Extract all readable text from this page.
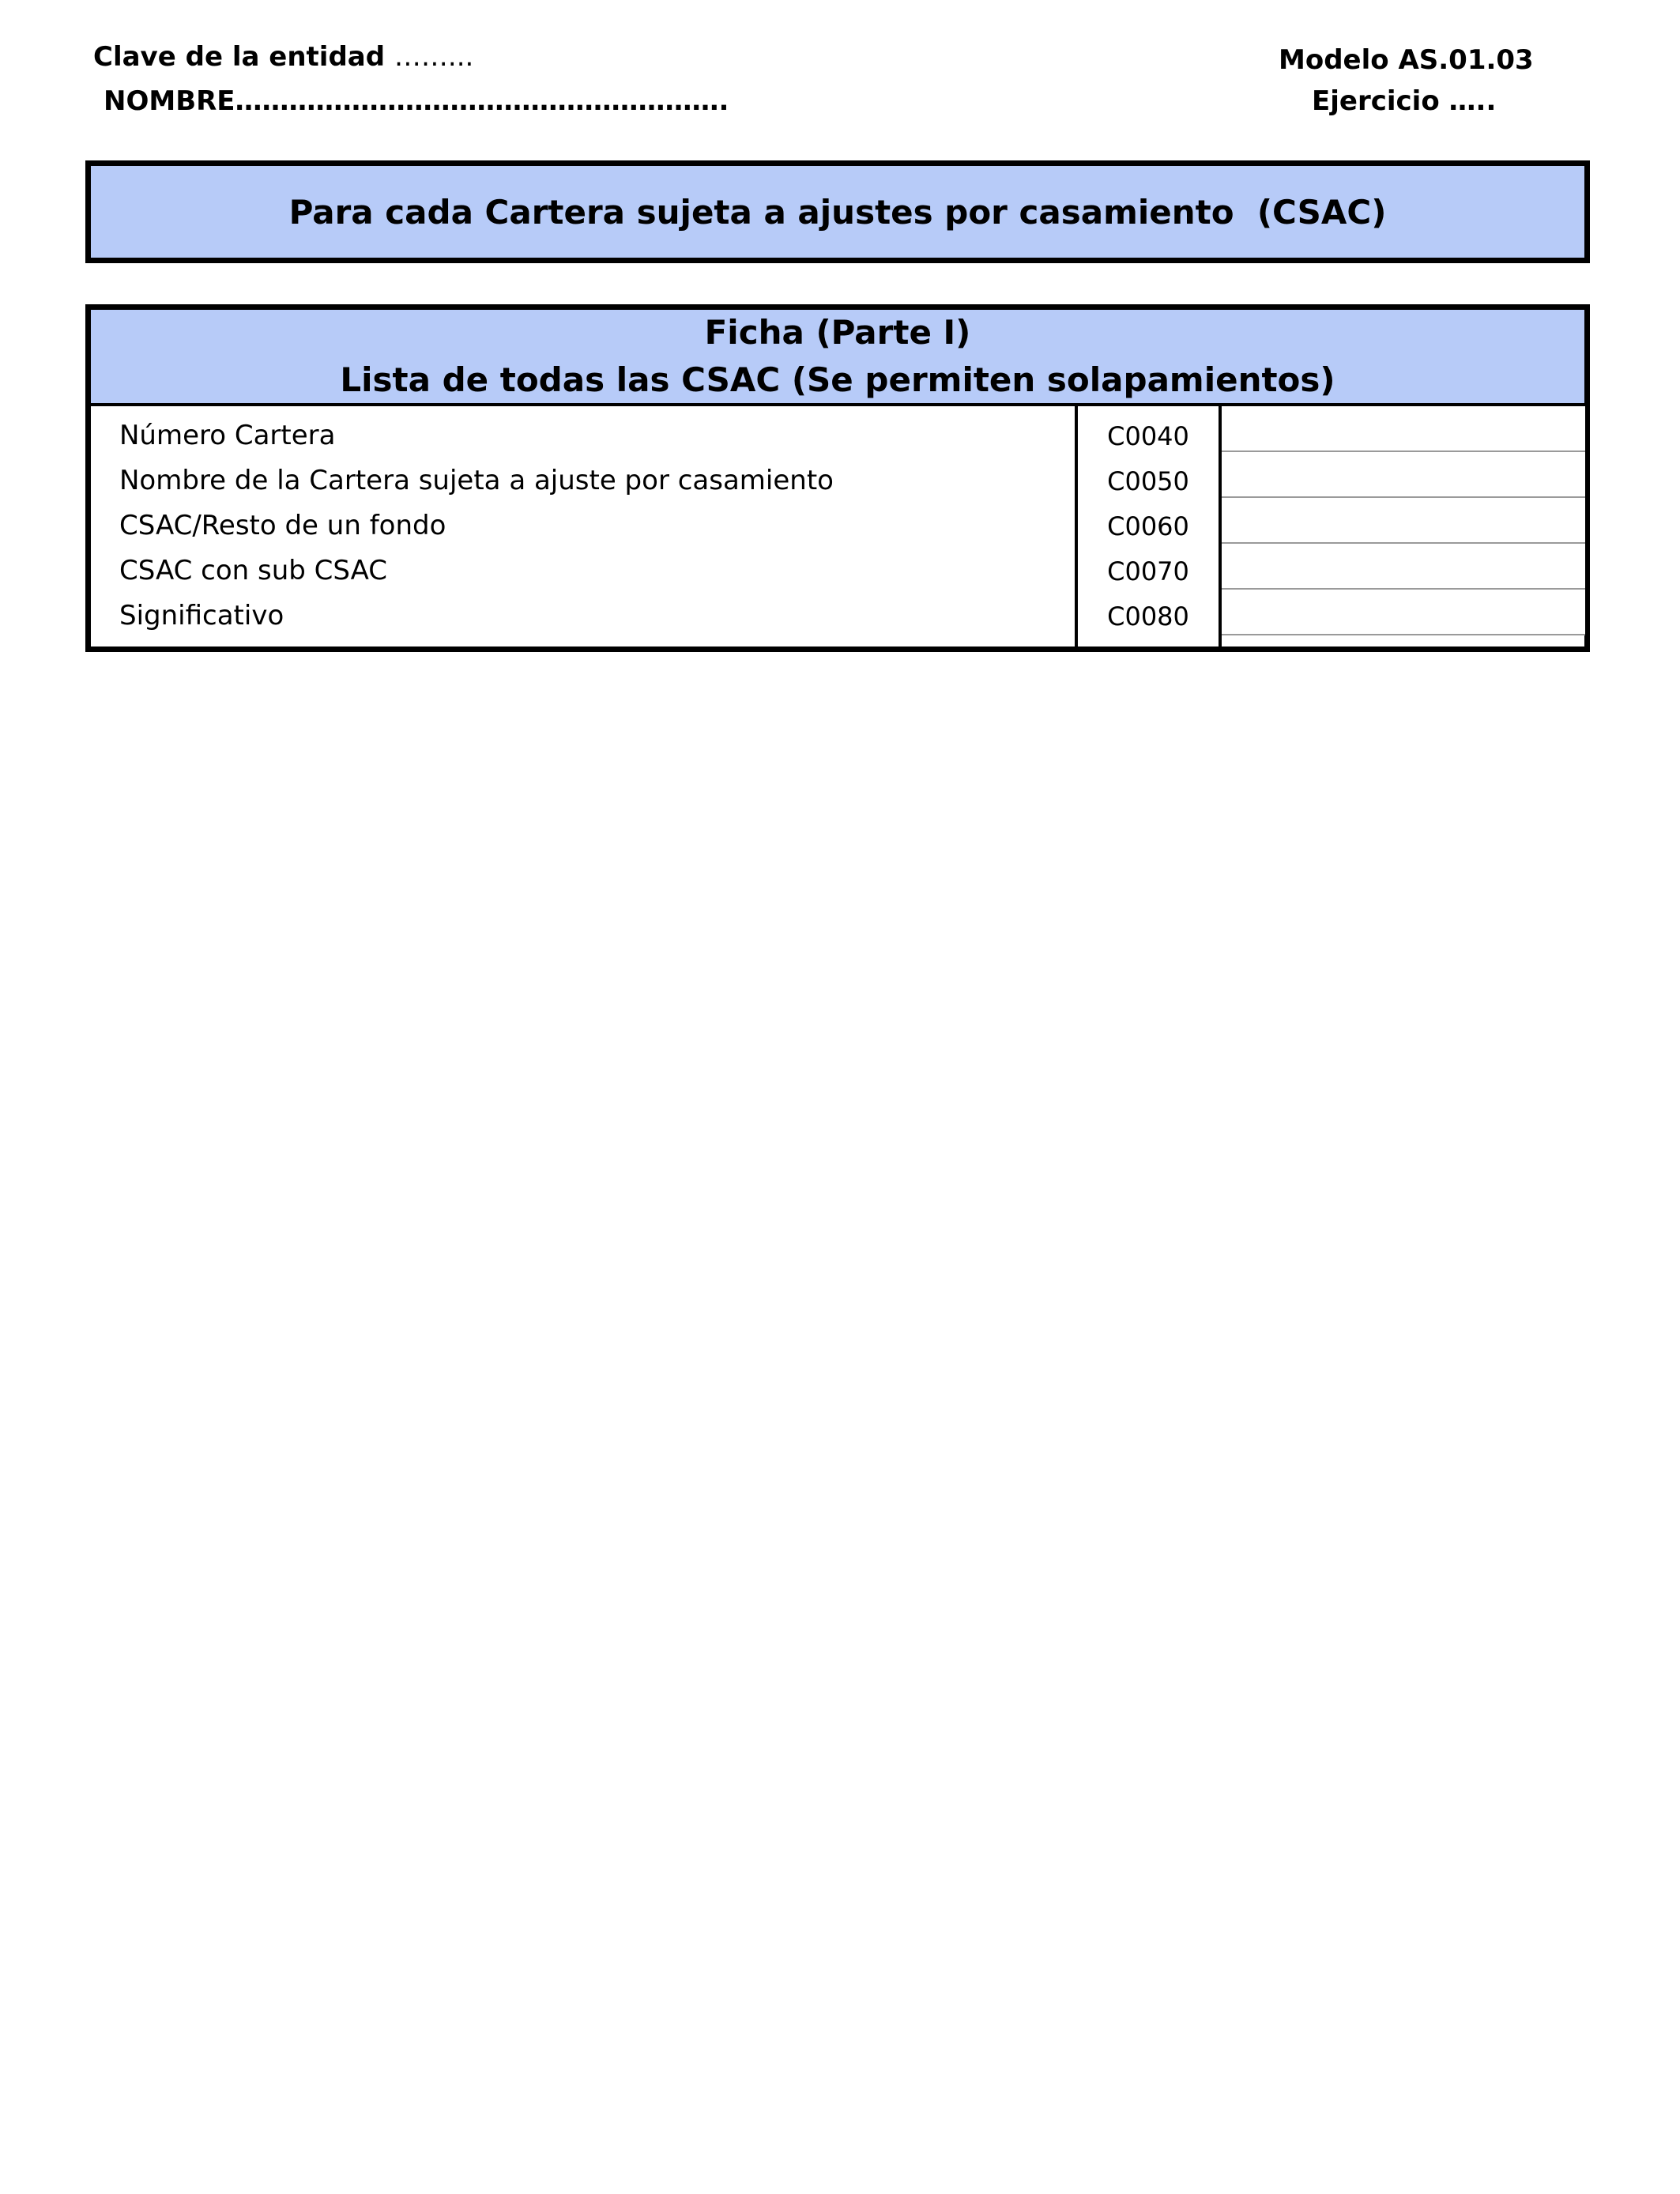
Clave de la entidad ……...
NOMBRE……………………………………………….
Modelo AS.01.03
Ejercicio …..
Para cada Cartera sujeta a ajustes por casamiento  (CSAC)
Ficha (Parte I)
Lista de todas las CSAC (Se permiten solapamientos)
Número Cartera	C0040
Nombre de la Cartera sujeta a ajuste por casamiento	C0050
CSAC/Resto de un fondo	C0060
CSAC con sub CSAC	C0070
Significativo	C0080
